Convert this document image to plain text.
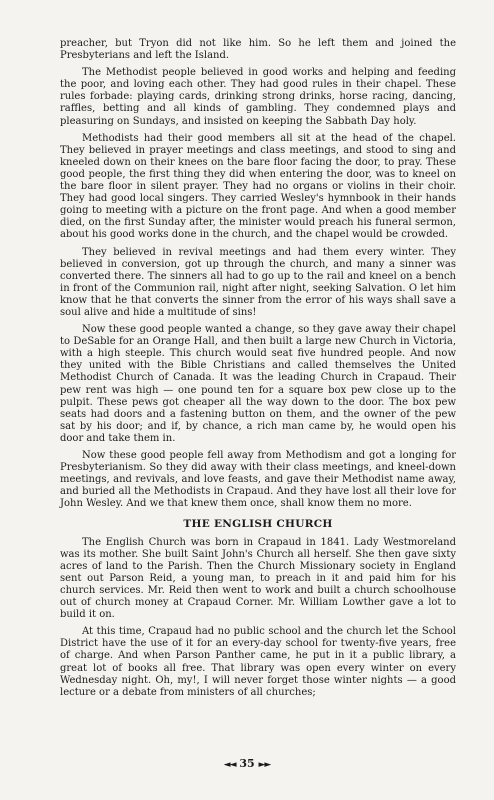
preacher, but Tryon did not like him. So he left them and joined the Presbyterians and left the Island.

The Methodist people believed in good works and helping and feeding the poor, and loving each other. They had good rules in their chapel. These rules forbade: playing cards, drinking strong drinks, horse racing, dancing, raffles, betting and all kinds of gambling. They condemned plays and pleasuring on Sundays, and insisted on keeping the Sabbath Day holy.

Methodists had their good members all sit at the head of the chapel. They believed in prayer meetings and class meetings, and stood to sing and kneeled down on their knees on the bare floor facing the door, to pray. These good people, the first thing they did when entering the door, was to kneel on the bare floor in silent prayer. They had no organs or violins in their choir. They had good local singers. They carried Wesley's hymnbook in their hands going to meeting with a picture on the front page. And when a good member died, on the first Sunday after, the minister would preach his funeral sermon, about his good works done in the church, and the chapel would be crowded.

They believed in revival meetings and had them every winter. They believed in conversion, got up through the church, and many a sinner was converted there. The sinners all had to go up to the rail and kneel on a bench in front of the Communion rail, night after night, seeking Salvation. O let him know that he that converts the sinner from the error of his ways shall save a soul alive and hide a multitude of sins!

Now these good people wanted a change, so they gave away their chapel to DeSable for an Orange Hall, and then built a large new Church in Victoria, with a high steeple. This church would seat five hundred people. And now they united with the Bible Christians and called themselves the United Methodist Church of Canada. It was the leading Church in Crapaud. Their pew rent was high — one pound ten for a square box pew close up to the pulpit. These pews got cheaper all the way down to the door. The box pew seats had doors and a fastening button on them, and the owner of the pew sat by his door; and if, by chance, a rich man came by, he would open his door and take them in.

Now these good people fell away from Methodism and got a longing for Presbyterianism. So they did away with their class meetings, and kneel-down meetings, and revivals, and love feasts, and gave their Methodist name away, and buried all the Methodists in Crapaud. And they have lost all their love for John Wesley. And we that knew them once, shall know them no more.

THE ENGLISH CHURCH

The English Church was born in Crapaud in 1841. Lady Westmoreland was its mother. She built Saint John's Church all herself. She then gave sixty acres of land to the Parish. Then the Church Missionary society in England sent out Parson Reid, a young man, to preach in it and paid him for his church services. Mr. Reid then went to work and built a church schoolhouse out of church money at Crapaud Corner. Mr. William Lowther gave a lot to build it on.

At this time, Crapaud had no public school and the church let the School District have the use of it for an every-day school for twenty-five years, free of charge. And when Parson Panther came, he put in it a public library, a great lot of books all free. That library was open every winter on every Wednesday night. Oh, my!, I will never forget those winter nights — a good lecture or a debate from ministers of all churches;

◄◄ 35 ►►
